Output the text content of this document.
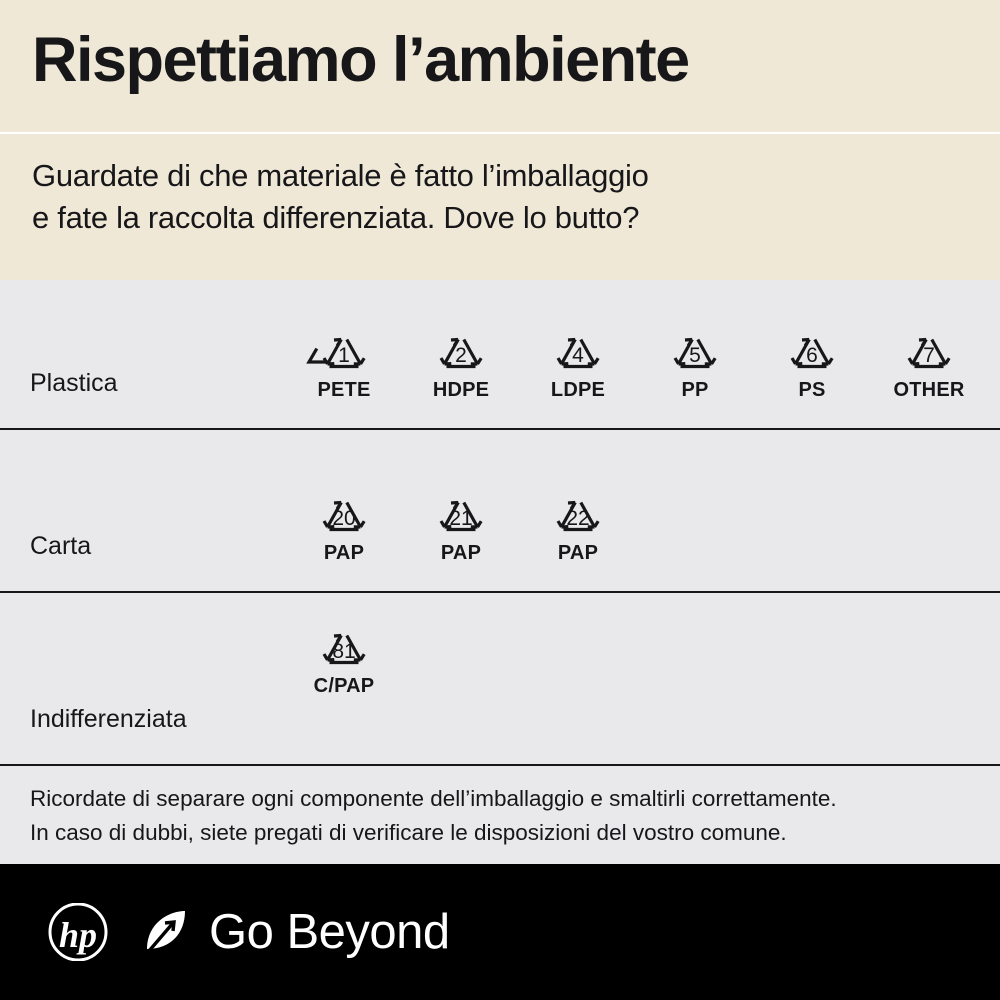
Rispettiamo l’ambiente
Guardate di che materiale è fatto l’imballaggio
e fate la raccolta differenziata. Dove lo butto?
Plastica
1
PETE
2
HDPE
4
LDPE
5
PP
6
PS
7
OTHER
Carta
20
PAP
21
PAP
22
PAP
Indifferenziata
81
C/PAP
Ricordate di separare ogni componente dell’imballaggio e smaltirli correttamente.
In caso di dubbi, siete pregati di verificare le disposizioni del vostro comune.
hp Go Beyond
